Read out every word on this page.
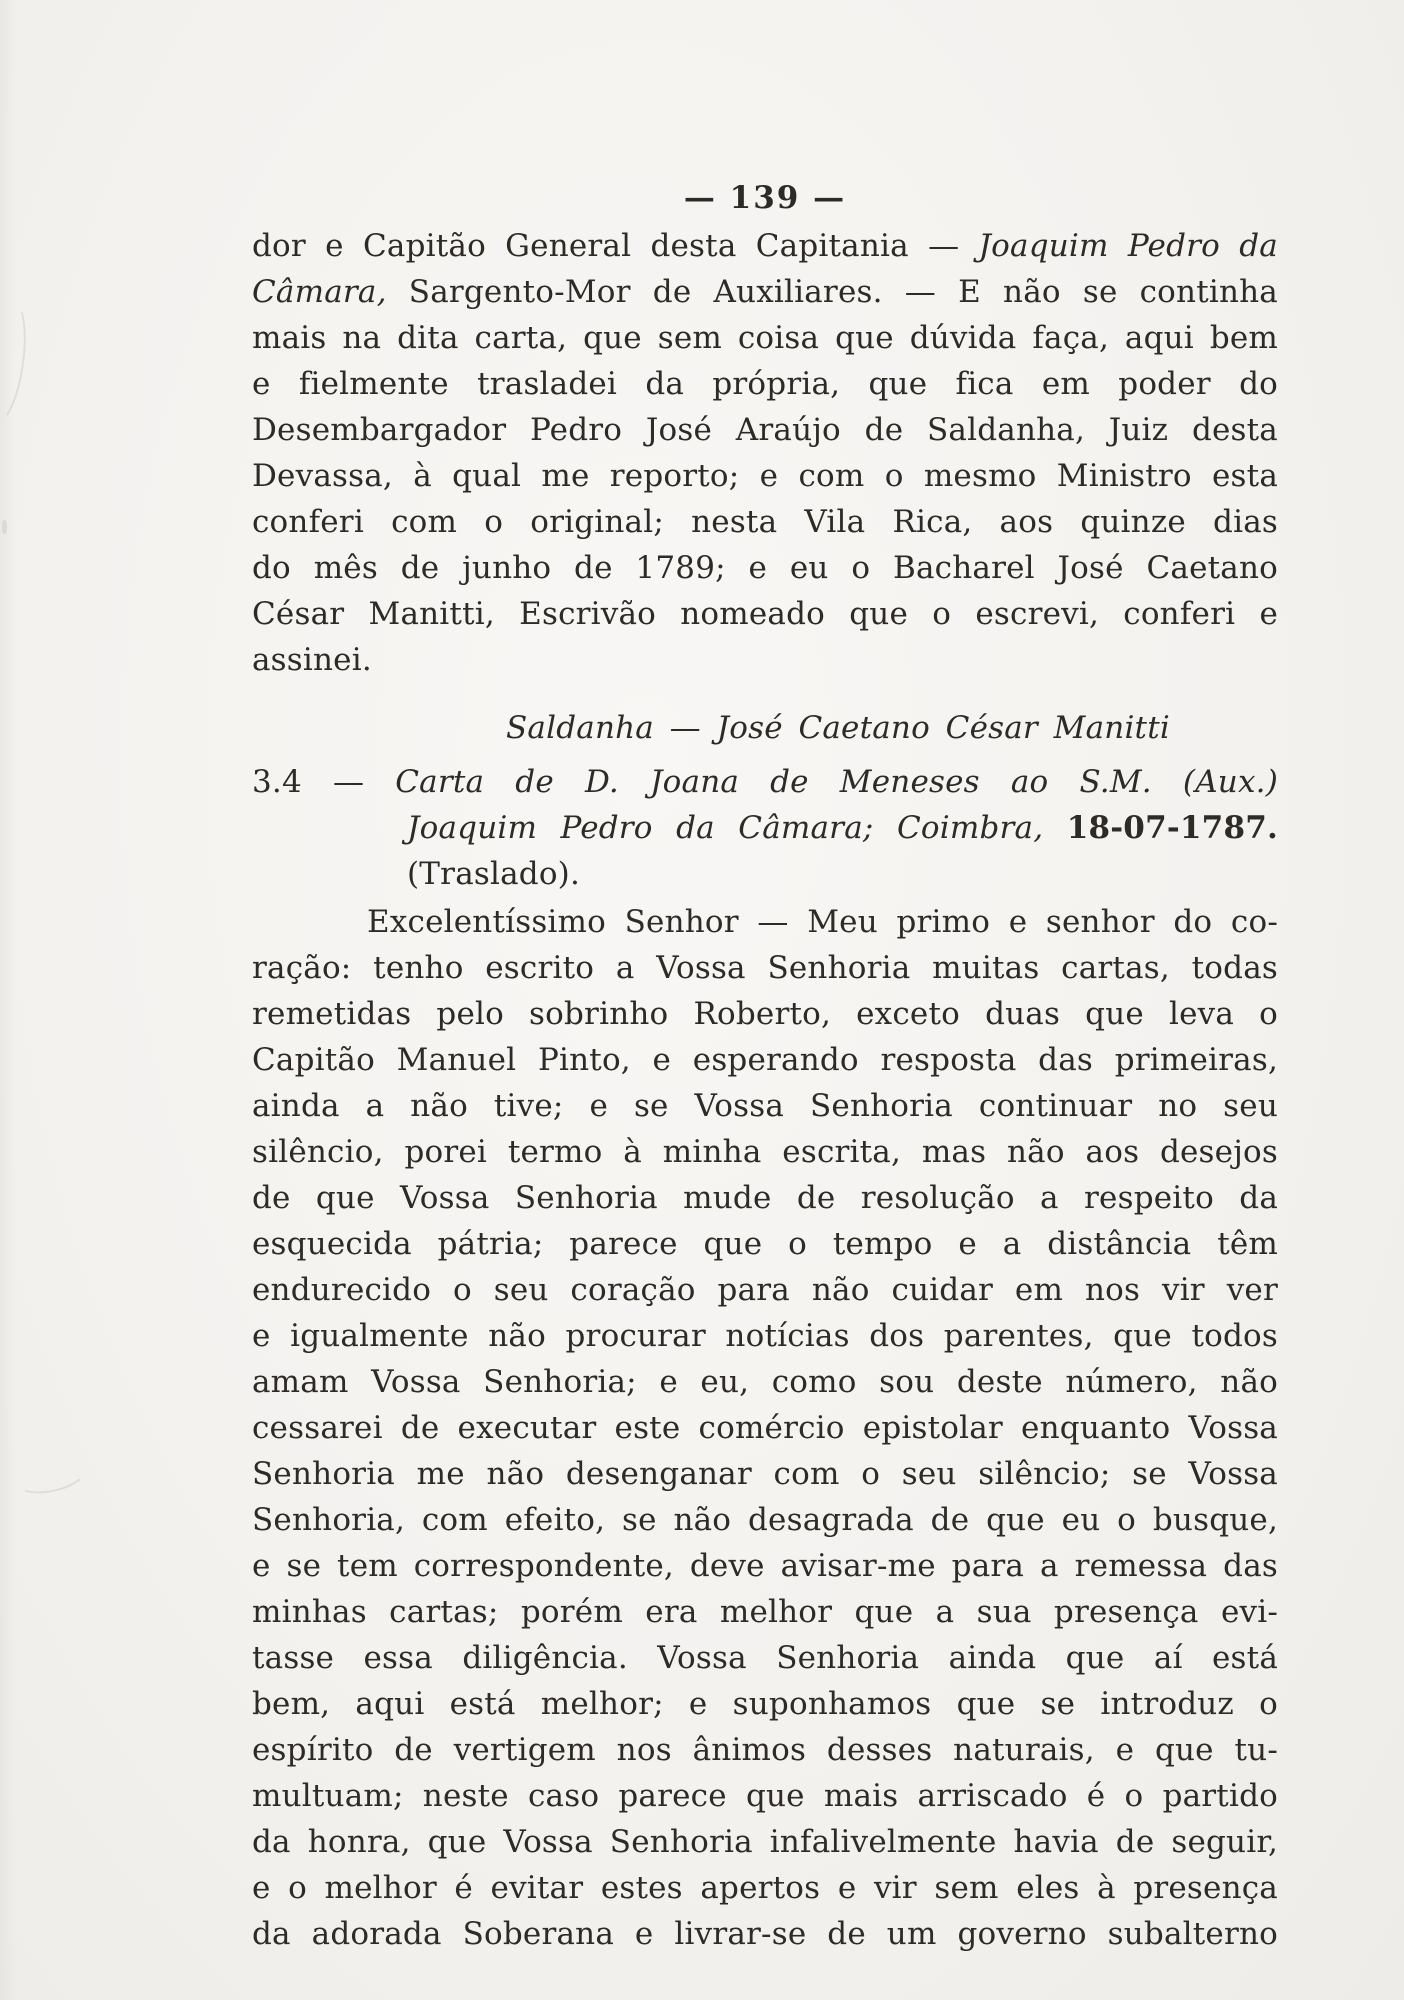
— 139 —
dor e Capitão General desta Capitania — Joaquim Pedro da
Câmara, Sargento-Mor de Auxiliares. — E não se continha
mais na dita carta, que sem coisa que dúvida faça, aqui bem
e fielmente trasladei da própria, que fica em poder do
Desembargador Pedro José Araújo de Saldanha, Juiz desta
Devassa, à qual me reporto; e com o mesmo Ministro esta
conferi com o original; nesta Vila Rica, aos quinze dias
do mês de junho de 1789; e eu o Bacharel José Caetano
César Manitti, Escrivão nomeado que o escrevi, conferi e
assinei.
Saldanha — José Caetano César Manitti
3.4 — Carta de D. Joana de Meneses ao S.M. (Aux.)
Joaquim Pedro da Câmara; Coimbra, 18-07-1787.
(Traslado).
Excelentíssimo Senhor — Meu primo e senhor do co-
ração: tenho escrito a Vossa Senhoria muitas cartas, todas
remetidas pelo sobrinho Roberto, exceto duas que leva o
Capitão Manuel Pinto, e esperando resposta das primeiras,
ainda a não tive; e se Vossa Senhoria continuar no seu
silêncio, porei termo à minha escrita, mas não aos desejos
de que Vossa Senhoria mude de resolução a respeito da
esquecida pátria; parece que o tempo e a distância têm
endurecido o seu coração para não cuidar em nos vir ver
e igualmente não procurar notícias dos parentes, que todos
amam Vossa Senhoria; e eu, como sou deste número, não
cessarei de executar este comércio epistolar enquanto Vossa
Senhoria me não desenganar com o seu silêncio; se Vossa
Senhoria, com efeito, se não desagrada de que eu o busque,
e se tem correspondente, deve avisar-me para a remessa das
minhas cartas; porém era melhor que a sua presença evi-
tasse essa diligência. Vossa Senhoria ainda que aí está
bem, aqui está melhor; e suponhamos que se introduz o
espírito de vertigem nos ânimos desses naturais, e que tu-
multuam; neste caso parece que mais arriscado é o partido
da honra, que Vossa Senhoria infalivelmente havia de seguir,
e o melhor é evitar estes apertos e vir sem eles à presença
da adorada Soberana e livrar-se de um governo subalterno
